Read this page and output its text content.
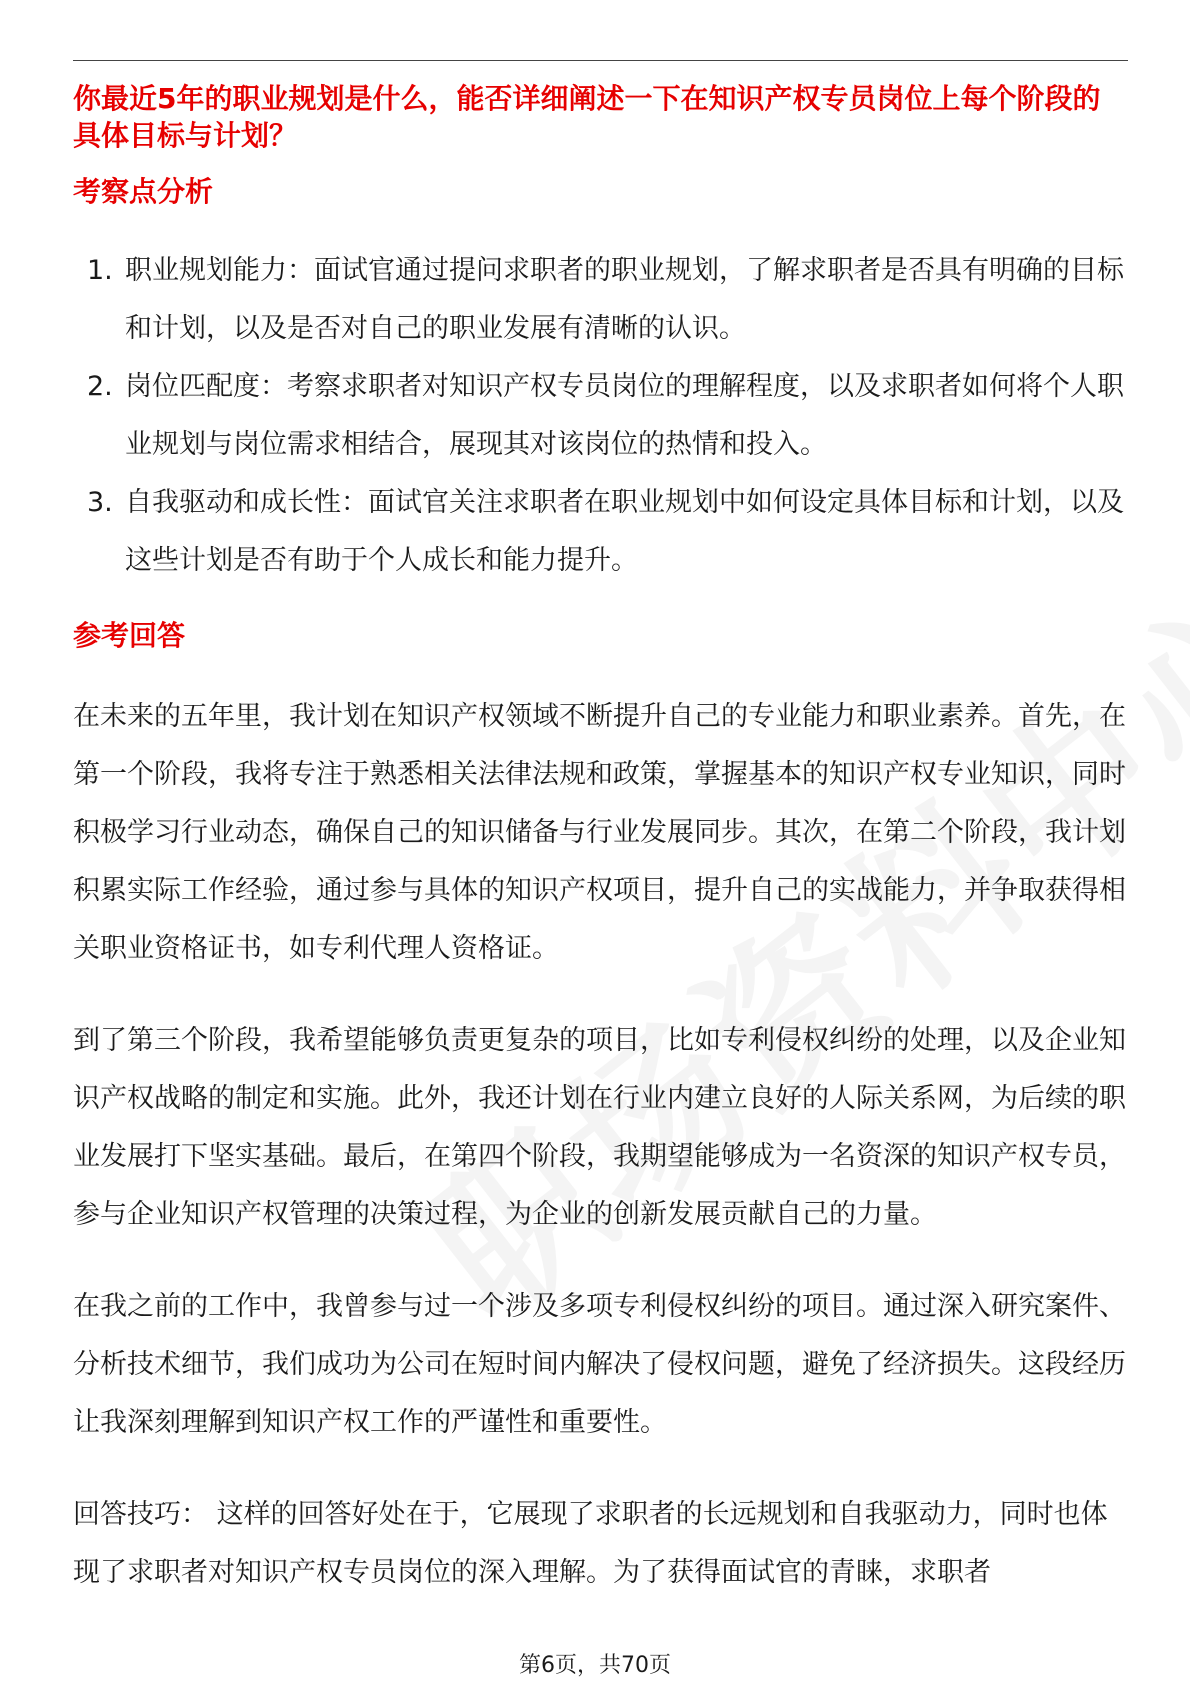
你最近5年的职业规划是什么，能否详细阐述一下在知识产权专员岗位上每个阶段的具体目标与计划？

考察点分析

1. 职业规划能力：面试官通过提问求职者的职业规划，了解求职者是否具有明确的目标和计划，以及是否对自己的职业发展有清晰的认识。
2. 岗位匹配度：考察求职者对知识产权专员岗位的理解程度，以及求职者如何将个人职业规划与岗位需求相结合，展现其对该岗位的热情和投入。
3. 自我驱动和成长性：面试官关注求职者在职业规划中如何设定具体目标和计划，以及这些计划是否有助于个人成长和能力提升。

参考回答

在未来的五年里，我计划在知识产权领域不断提升自己的专业能力和职业素养。首先，在第一个阶段，我将专注于熟悉相关法律法规和政策，掌握基本的知识产权专业知识，同时积极学习行业动态，确保自己的知识储备与行业发展同步。其次，在第二个阶段，我计划积累实际工作经验，通过参与具体的知识产权项目，提升自己的实战能力，并争取获得相关职业资格证书，如专利代理人资格证。

到了第三个阶段，我希望能够负责更复杂的项目，比如专利侵权纠纷的处理，以及企业知识产权战略的制定和实施。此外，我还计划在行业内建立良好的人际关系网，为后续的职业发展打下坚实基础。最后，在第四个阶段，我期望能够成为一名资深的知识产权专员，参与企业知识产权管理的决策过程，为企业的创新发展贡献自己的力量。

在我之前的工作中，我曾参与过一个涉及多项专利侵权纠纷的项目。通过深入研究案件、分析技术细节，我们成功为公司在短时间内解决了侵权问题，避免了经济损失。这段经历让我深刻理解到知识产权工作的严谨性和重要性。

回答技巧： 这样的回答好处在于，它展现了求职者的长远规划和自我驱动力，同时也体现了求职者对知识产权专员岗位的深入理解。为了获得面试官的青睐，求职者

第6页，共70页
